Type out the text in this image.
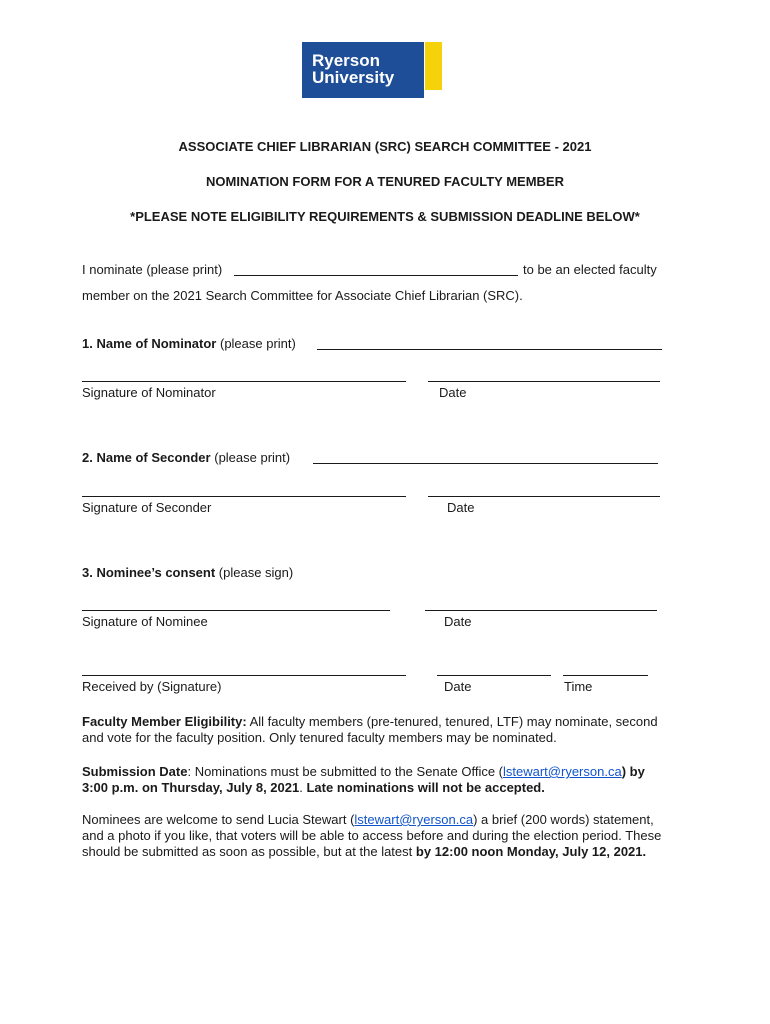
Ryerson
University
ASSOCIATE CHIEF LIBRARIAN (SRC) SEARCH COMMITTEE - 2021
NOMINATION FORM FOR A TENURED FACULTY MEMBER
*PLEASE NOTE ELIGIBILITY REQUIREMENTS & SUBMISSION DEADLINE BELOW*
I nominate (please print)	to be an elected faculty
member on the 2021 Search Committee for Associate Chief Librarian (SRC).
1. Name of Nominator (please print)
Signature of Nominator	Date
2. Name of Seconder (please print)
Signature of Seconder	Date
3. Nominee’s consent (please sign)
Signature of Nominee	Date
Received by (Signature)	Date	Time
Faculty Member Eligibility: All faculty members (pre-tenured, tenured, LTF) may nominate, second
and vote for the faculty position. Only tenured faculty members may be nominated.
Submission Date: Nominations must be submitted to the Senate Office (lstewart@ryerson.ca) by
3:00 p.m. on Thursday, July 8, 2021. Late nominations will not be accepted.
Nominees are welcome to send Lucia Stewart (lstewart@ryerson.ca) a brief (200 words) statement,
and a photo if you like, that voters will be able to access before and during the election period. These
should be submitted as soon as possible, but at the latest by 12:00 noon Monday, July 12, 2021.
